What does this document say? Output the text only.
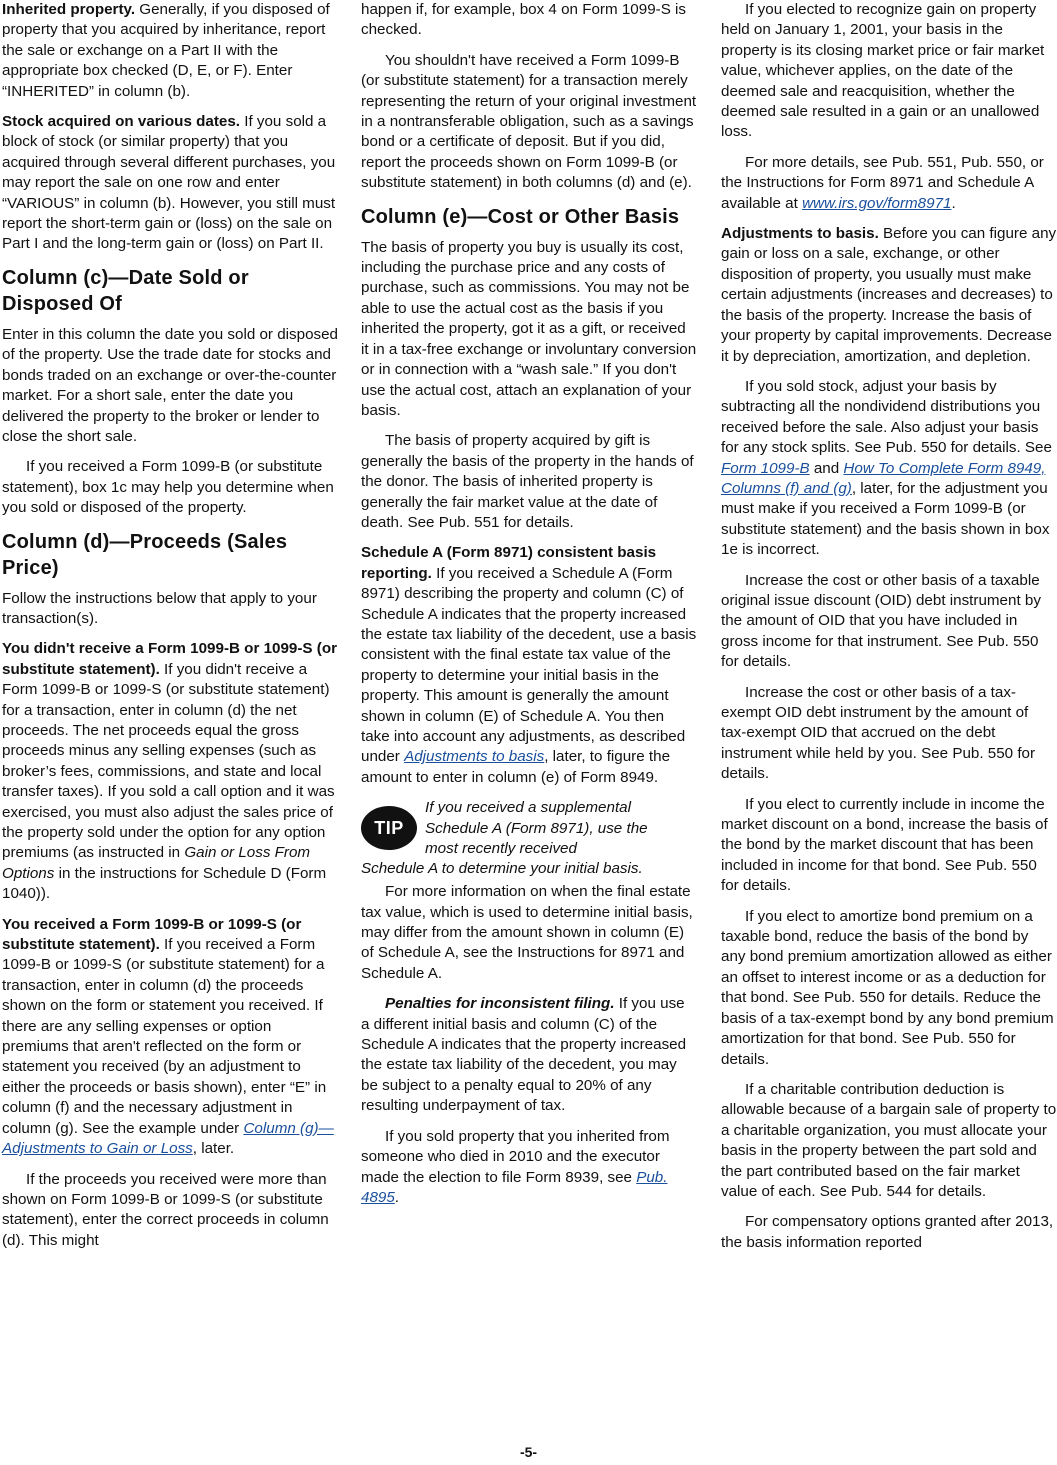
Inherited property. Generally, if you disposed of property that you acquired by inheritance, report the sale or exchange on a Part II with the appropriate box checked (D, E, or F). Enter “INHERITED” in column (b).

Stock acquired on various dates. If you sold a block of stock (or similar property) that you acquired through several different purchases, you may report the sale on one row and enter “VARIOUS” in column (b). However, you still must report the short-term gain or (loss) on the sale on Part I and the long-term gain or (loss) on Part II.

Column (c)—Date Sold or Disposed Of

Enter in this column the date you sold or disposed of the property. Use the trade date for stocks and bonds traded on an exchange or over-the-counter market. For a short sale, enter the date you delivered the property to the broker or lender to close the short sale.

If you received a Form 1099-B (or substitute statement), box 1c may help you determine when you sold or disposed of the property.

Column (d)—Proceeds (Sales Price)

Follow the instructions below that apply to your transaction(s).

You didn't receive a Form 1099-B or 1099-S (or substitute statement). If you didn't receive a Form 1099-B or 1099-S (or substitute statement) for a transaction, enter in column (d) the net proceeds. The net proceeds equal the gross proceeds minus any selling expenses (such as broker’s fees, commissions, and state and local transfer taxes). If you sold a call option and it was exercised, you must also adjust the sales price of the property sold under the option for any option premiums (as instructed in Gain or Loss From Options in the instructions for Schedule D (Form 1040)).

You received a Form 1099-B or 1099-S (or substitute statement). If you received a Form 1099-B or 1099-S (or substitute statement) for a transaction, enter in column (d) the proceeds shown on the form or statement you received. If there are any selling expenses or option premiums that aren't reflected on the form or statement you received (by an adjustment to either the proceeds or basis shown), enter “E” in column (f) and the necessary adjustment in column (g). See the example under Column (g)—Adjustments to Gain or Loss, later.

If the proceeds you received were more than shown on Form 1099-B or 1099-S (or substitute statement), enter the correct proceeds in column (d). This might

happen if, for example, box 4 on Form 1099-S is checked.

You shouldn't have received a Form 1099-B (or substitute statement) for a transaction merely representing the return of your original investment in a nontransferable obligation, such as a savings bond or a certificate of deposit. But if you did, report the proceeds shown on Form 1099-B (or substitute statement) in both columns (d) and (e).

Column (e)—Cost or Other Basis

The basis of property you buy is usually its cost, including the purchase price and any costs of purchase, such as commissions. You may not be able to use the actual cost as the basis if you inherited the property, got it as a gift, or received it in a tax-free exchange or involuntary conversion or in connection with a “wash sale.” If you don't use the actual cost, attach an explanation of your basis.

The basis of property acquired by gift is generally the basis of the property in the hands of the donor. The basis of inherited property is generally the fair market value at the date of death. See Pub. 551 for details.

Schedule A (Form 8971) consistent basis reporting. If you received a Schedule A (Form 8971) describing the property and column (C) of Schedule A indicates that the property increased the estate tax liability of the decedent, use a basis consistent with the final estate tax value of the property to determine your initial basis in the property. This amount is generally the amount shown in column (E) of Schedule A. You then take into account any adjustments, as described under Adjustments to basis, later, to figure the amount to enter in column (e) of Form 8949.

TIP
If you received a supplemental
Schedule A (Form 8971), use the
most recently received
Schedule A to determine your initial basis.

For more information on when the final estate tax value, which is used to determine initial basis, may differ from the amount shown in column (E) of Schedule A, see the Instructions for 8971 and Schedule A.

Penalties for inconsistent filing. If you use a different initial basis and column (C) of the Schedule A indicates that the property increased the estate tax liability of the decedent, you may be subject to a penalty equal to 20% of any resulting underpayment of tax.

If you sold property that you inherited from someone who died in 2010 and the executor made the election to file Form 8939, see Pub. 4895.

If you elected to recognize gain on property held on January 1, 2001, your basis in the property is its closing market price or fair market value, whichever applies, on the date of the deemed sale and reacquisition, whether the deemed sale resulted in a gain or an unallowed loss.

For more details, see Pub. 551, Pub. 550, or the Instructions for Form 8971 and Schedule A available at www.irs.gov/form8971.

Adjustments to basis. Before you can figure any gain or loss on a sale, exchange, or other disposition of property, you usually must make certain adjustments (increases and decreases) to the basis of the property. Increase the basis of your property by capital improvements. Decrease it by depreciation, amortization, and depletion.

If you sold stock, adjust your basis by subtracting all the nondividend distributions you received before the sale. Also adjust your basis for any stock splits. See Pub. 550 for details. See Form 1099-B and How To Complete Form 8949, Columns (f) and (g), later, for the adjustment you must make if you received a Form 1099-B (or substitute statement) and the basis shown in box 1e is incorrect.

Increase the cost or other basis of a taxable original issue discount (OID) debt instrument by the amount of OID that you have included in gross income for that instrument. See Pub. 550 for details.

Increase the cost or other basis of a tax-exempt OID debt instrument by the amount of tax-exempt OID that accrued on the debt instrument while held by you. See Pub. 550 for details.

If you elect to currently include in income the market discount on a bond, increase the basis of the bond by the market discount that has been included in income for that bond. See Pub. 550 for details.

If you elect to amortize bond premium on a taxable bond, reduce the basis of the bond by any bond premium amortization allowed as either an offset to interest income or as a deduction for that bond. See Pub. 550 for details. Reduce the basis of a tax-exempt bond by any bond premium amortization for that bond. See Pub. 550 for details.

If a charitable contribution deduction is allowable because of a bargain sale of property to a charitable organization, you must allocate your basis in the property between the part sold and the part contributed based on the fair market value of each. See Pub. 544 for details.

For compensatory options granted after 2013, the basis information reported

-5-
